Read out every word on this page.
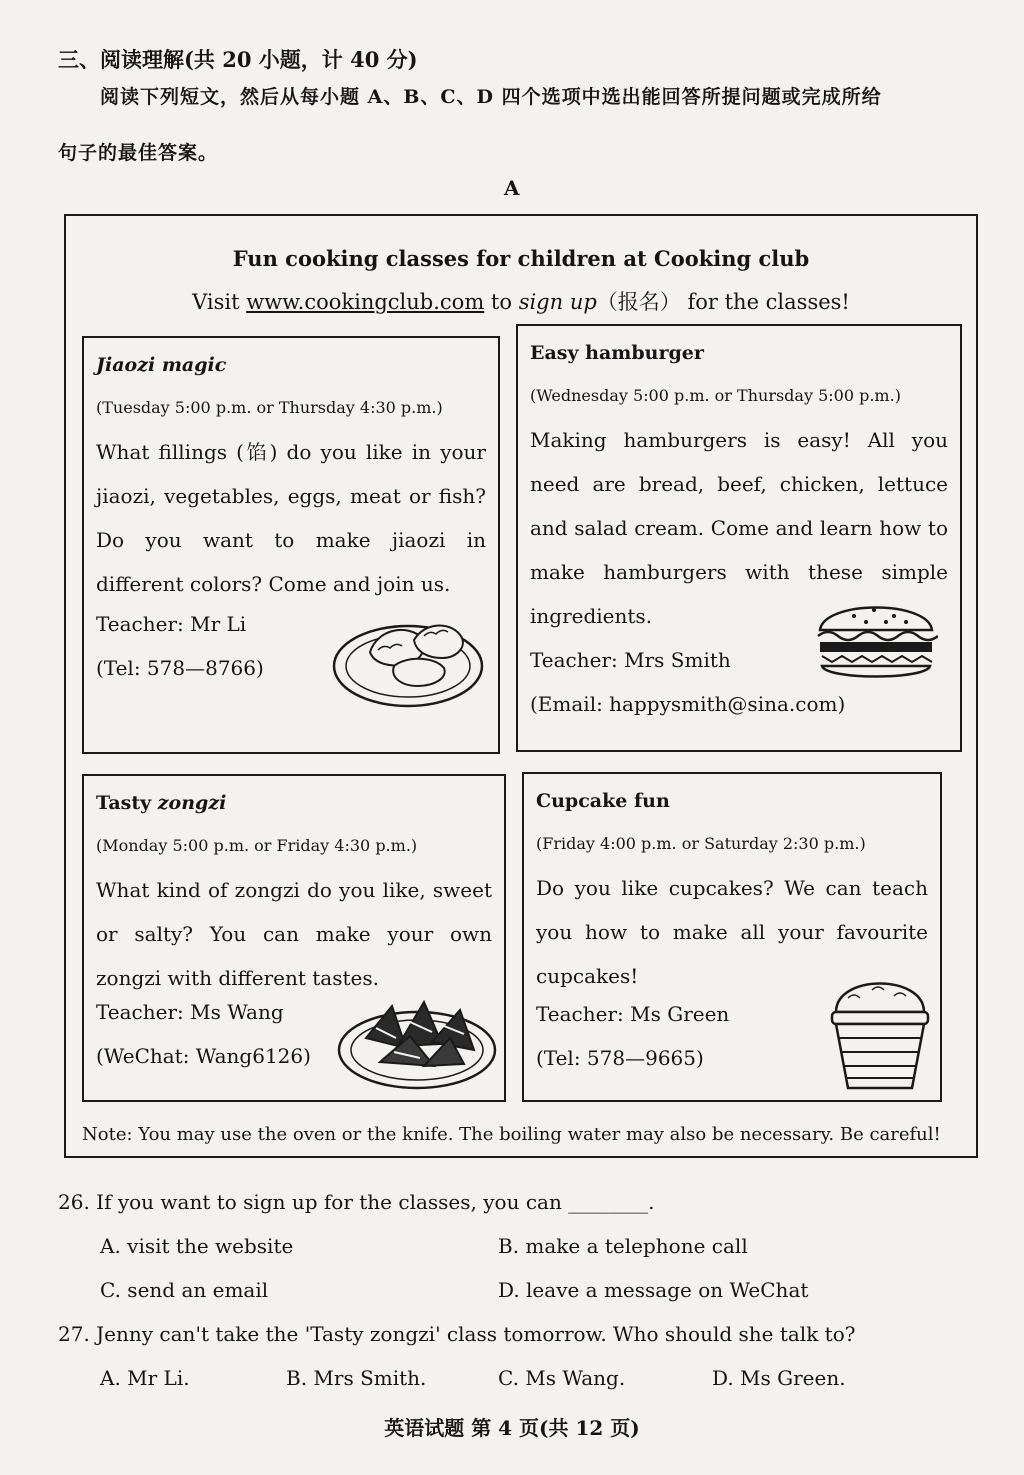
三、阅读理解(共 20 小题，计 40 分)
阅读下列短文，然后从每小题 A、B、C、D 四个选项中选出能回答所提问题或完成所给
句子的最佳答案。
A
Fun cooking classes for children at Cooking club
Visit www.cookingclub.com to sign up（报名） for the classes!
Jiaozi magic
(Tuesday 5:00 p.m. or Thursday 4:30 p.m.)
What fillings (馅) do you like in your jiaozi, vegetables, eggs, meat or fish? Do you want to make jiaozi in different colors? Come and join us.
Teacher: Mr Li
(Tel: 578—8766)
Easy hamburger
(Wednesday 5:00 p.m. or Thursday 5:00 p.m.)
Making hamburgers is easy! All you need are bread, beef, chicken, lettuce and salad cream. Come and learn how to make hamburgers with these simple ingredients.
Teacher: Mrs Smith
(Email: happysmith@sina.com)
Tasty zongzi
(Monday 5:00 p.m. or Friday 4:30 p.m.)
What kind of zongzi do you like, sweet or salty? You can make your own zongzi with different tastes.
Teacher: Ms Wang
(WeChat: Wang6126)
Cupcake fun
(Friday 4:00 p.m. or Saturday 2:30 p.m.)
Do you like cupcakes? We can teach you how to make all your favourite cupcakes!
Teacher: Ms Green
(Tel: 578—9665)
Note: You may use the oven or the knife. The boiling water may also be necessary. Be careful!
26. If you want to sign up for the classes, you can ________.
A. visit the website	B. make a telephone call
C. send an email	D. leave a message on WeChat
27. Jenny can't take the 'Tasty zongzi' class tomorrow. Who should she talk to?
A. Mr Li.	B. Mrs Smith.	C. Ms Wang.	D. Ms Green.
英语试题 第 4 页(共 12 页)
